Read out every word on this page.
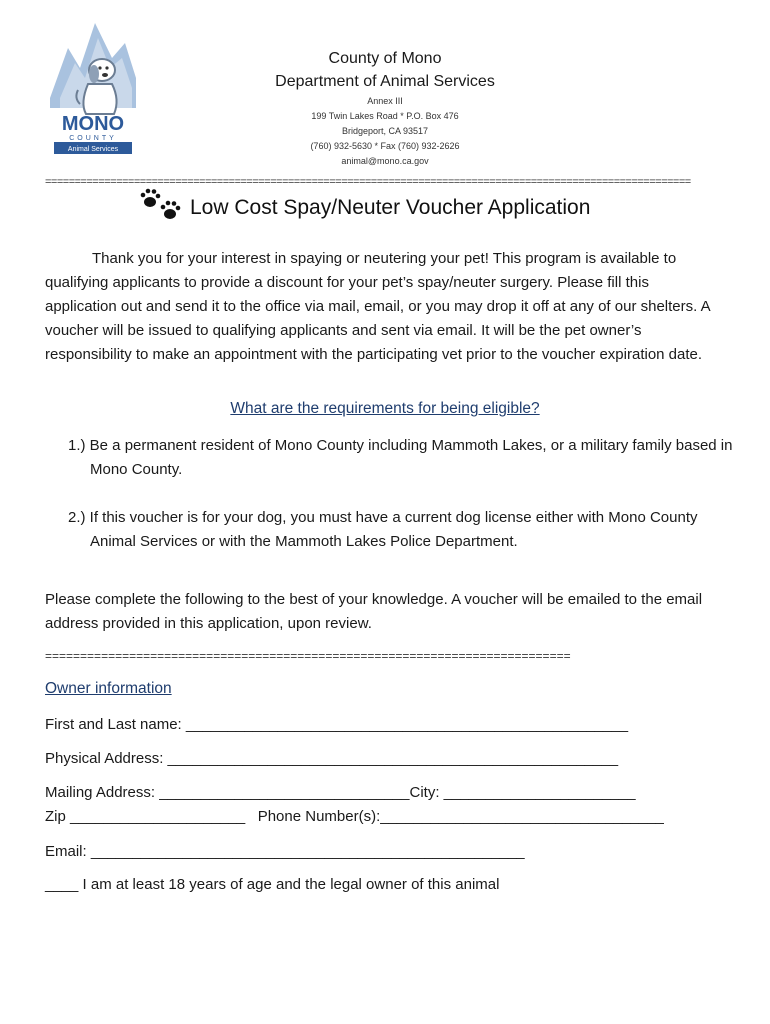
MONO
COUNTY
Animal Services
County of Mono
Department of Animal Services
Annex III
199 Twin Lakes Road * P.O. Box 476
Bridgeport, CA 93517
(760) 932-5630 * Fax (760) 932-2626
animal@mono.ca.gov
=============================================================================================================
Low Cost Spay/Neuter Voucher Application
Thank you for your interest in spaying or neutering your pet! This program is available to qualifying applicants to provide a discount for your pet’s spay/neuter surgery. Please fill this application out and send it to the office via mail, email, or you may drop it off at any of our shelters. A voucher will be issued to qualifying applicants and sent via email. It will be the pet owner’s responsibility to make an appointment with the participating vet prior to the voucher expiration date.
What are the requirements for being eligible?
1.) Be a permanent resident of Mono County including Mammoth Lakes, or a military family based in Mono County.
2.) If this voucher is for your dog, you must have a current dog license either with Mono County Animal Services or with the Mammoth Lakes Police Department.
Please complete the following to the best of your knowledge. A voucher will be emailed to the email address provided in this application, upon review.
===========================================================================
Owner information
First and Last name: _____________________________________________________
Physical Address: ______________________________________________________
Mailing Address: ______________________________City: _______________________
Zip _____________________   Phone Number(s):__________________________________
Email: ____________________________________________________
____ I am at least 18 years of age and the legal owner of this animal
